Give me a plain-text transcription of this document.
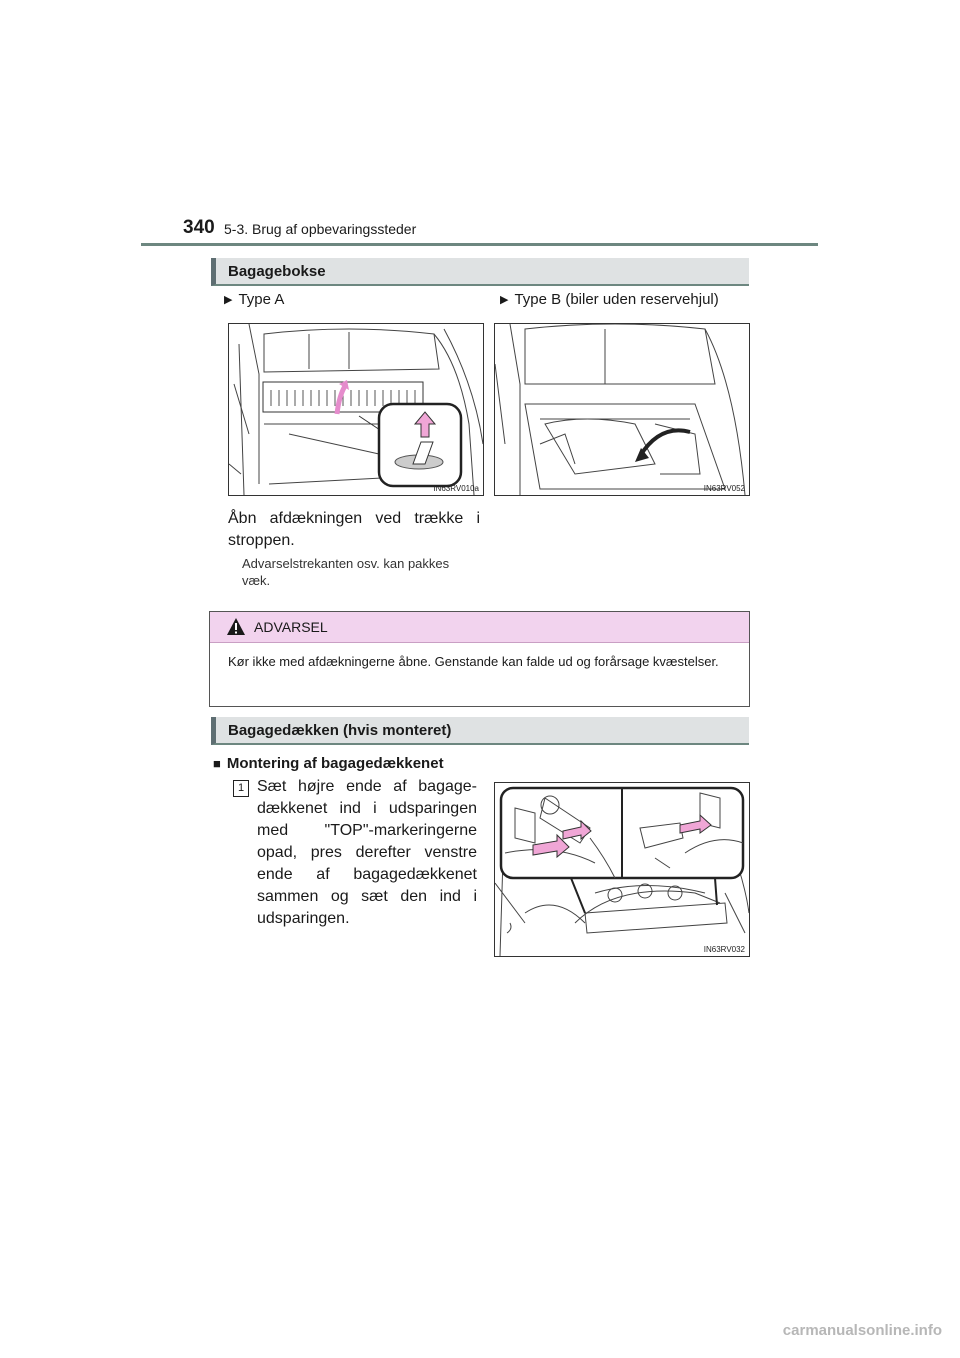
340 5-3. Brug af opbevaringssteder
Bagagebokse
▶ Type A	▶ Type B (biler uden reservehjul)
IN63RV010a	IN63RV052
Åbn afdækningen ved trække i stroppen.
Advarselstrekanten osv. kan pakkes væk.
ADVARSEL
Kør ikke med afdækningerne åbne. Genstande kan falde ud og forårsage kvæstelser.
Bagagedækken (hvis monteret)
■ Montering af bagagedækkenet
1 Sæt højre ende af bagage-dækkenet ind i udsparingen med "TOP"-markeringerne opad, pres derefter venstre ende af bagagedækkenet sammen og sæt den ind i udsparingen.
IN63RV032
carmanualsonline.info
